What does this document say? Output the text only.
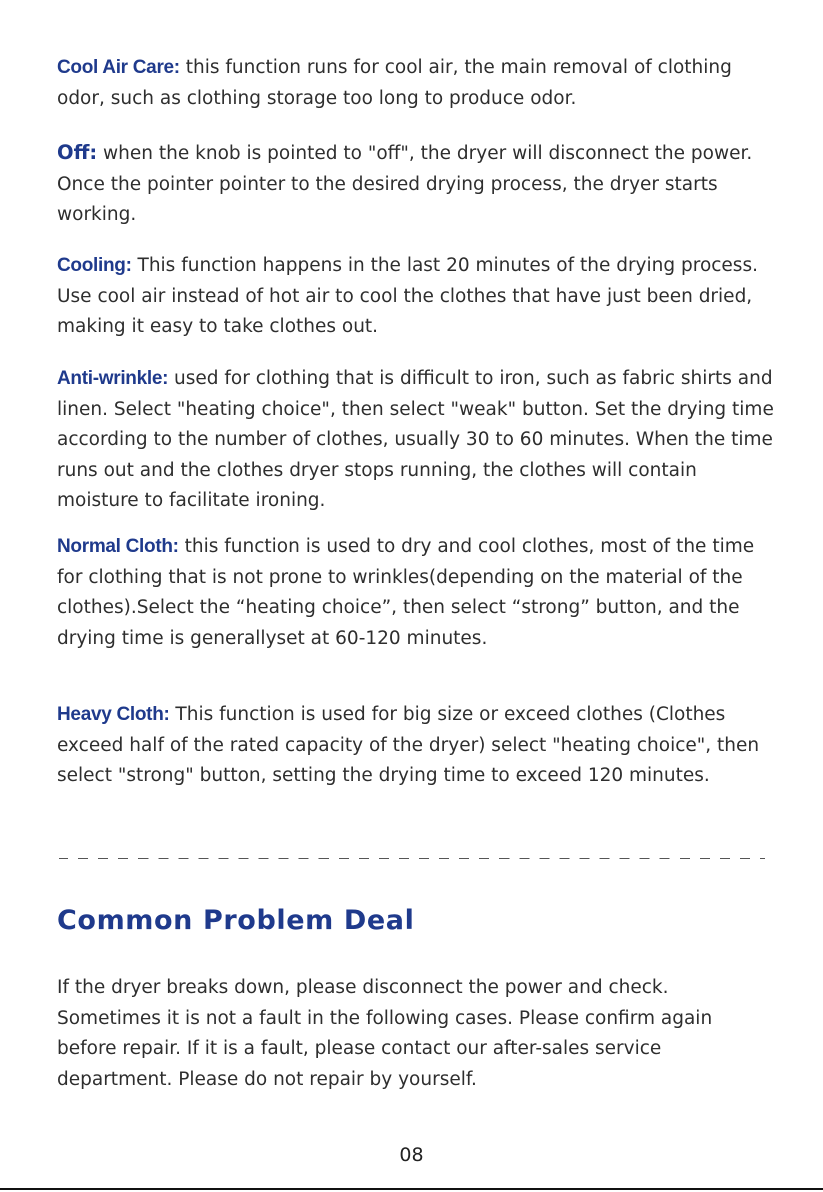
Cool Air Care: this function runs for cool air, the main removal of clothing odor, such as clothing storage too long to produce odor.

Off: when the knob is pointed to "off", the dryer will disconnect the power. Once the pointer pointer to the desired drying process, the dryer starts working.

Cooling: This function happens in the last 20 minutes of the drying process. Use cool air instead of hot air to cool the clothes that have just been dried, making it easy to take clothes out.

Anti-wrinkle: used for clothing that is difficult to iron, such as fabric shirts and linen. Select "heating choice", then select "weak" button. Set the drying time according to the number of clothes, usually 30 to 60 minutes. When the time runs out and the clothes dryer stops running, the clothes will contain moisture to facilitate ironing.

Normal Cloth: this function is used to dry and cool clothes, most of the time for clothing that is not prone to wrinkles(depending on the material of the clothes).Select the “heating choice”, then select “strong” button, and the drying time is generallyset at 60-120 minutes.

Heavy Cloth: This function is used for big size or exceed clothes (Clothes exceed half of the rated capacity of the dryer) select "heating choice", then select "strong" button, setting the drying time to exceed 120 minutes.

Common Problem Deal

If the dryer breaks down, please disconnect the power and check. Sometimes it is not a fault in the following cases. Please confirm again before repair. If it is a fault, please contact our after-sales service department. Please do not repair by yourself.

08
